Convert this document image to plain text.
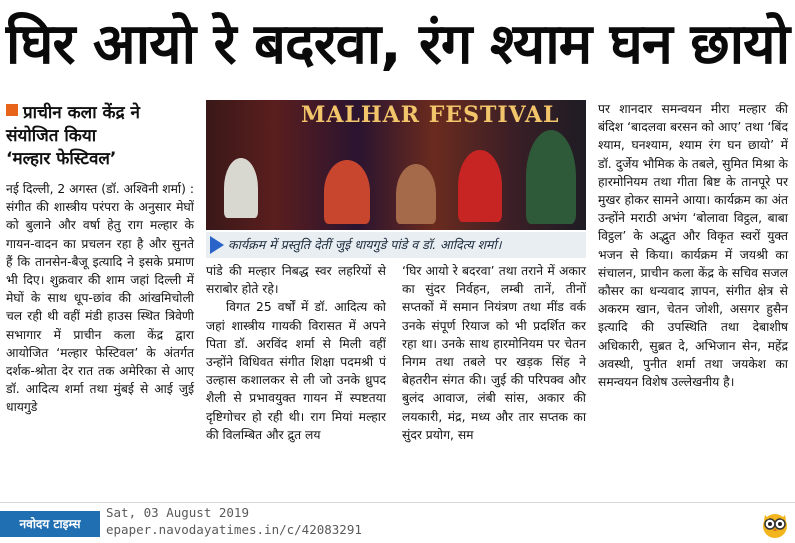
घिर आयो रे बदरवा, रंग श्याम घन छायो
प्राचीन कला केंद्र ने
संयोजित किया
‘मल्हार फेस्टिवल’

नई दिल्ली, 2 अगस्त (डॉ. अश्विनी शर्मा) : संगीत की शास्त्रीय परंपरा के अनुसार मेघों को बुलाने और वर्षा हेतु राग मल्हार के गायन-वादन का प्रचलन रहा है और सुनते हैं कि तानसेन-बैजू इत्यादि ने इसके प्रमाण भी दिए। शुक्रवार की शाम जहां दिल्ली में मेघों के साथ धूप-छांव की आंखमिचोली चल रही थी वहीं मंडी हाउस स्थित त्रिवेणी सभागार में प्राचीन कला केंद्र द्वारा आयोजित ‘मल्हार फेस्टिवल’ के अंतर्गत दर्शक-श्रोता देर रात तक अमेरिका से आए डॉ. आदित्य शर्मा तथा मुंबई से आई जुई धायगुडे

MALHAR FESTIVAL
कार्यक्रम में प्रस्तुति देतीं जुई धायगुडे पांडे व डॉ. आदित्य शर्मा।

पांडे की मल्हार निबद्ध स्वर लहरियों से सराबोर होते रहे।

विगत 25 वर्षों में डॉ. आदित्य को जहां शास्त्रीय गायकी विरासत में अपने पिता डॉ. अरविंद शर्मा से मिली वहीं उन्होंने विधिवत संगीत शिक्षा पदमश्री पं उल्हास कशालकर से ली जो उनके ध्रुपद शैली से प्रभावयुक्त गायन में स्पष्टतया दृष्टिगोचर हो रही थी। राग मियां मल्हार की विलम्बित और द्रुत लय

‘घिर आयो रे बदरवा’ तथा तराने में अकार का सुंदर निर्वहन, लम्बी तानें, तीनों सप्तकों में समान नियंत्रण तथा मींड वर्क उनके संपूर्ण रियाज को भी प्रदर्शित कर रहा था। उनके साथ हारमोनियम पर चेतन निगम तथा तबले पर खड़क सिंह ने बेहतरीन संगत की। जुई की परिपक्व और बुलंद आवाज, लंबी सांस, अकार की लयकारी, मंद्र, मध्य और तार सप्तक का सुंदर प्रयोग, सम

पर शानदार समन्वयन मीरा मल्हार की बंदिश ‘बादलवा बरसन को आए’ तथा ‘बिंद श्याम, घनश्याम, श्याम रंग घन छायो’ में डॉ. दुर्जेय भौमिक के तबले, सुमित मिश्रा के हारमोनियम तथा गीता बिष्ट के तानपूरे पर मुखर होकर सामने आया। कार्यक्रम का अंत उन्होंने मराठी अभंग ‘बोलावा विट्ठल, बाबा विट्ठल’ के अद्भुत और विकृत स्वरों युक्त भजन से किया। कार्यक्रम में जयश्री का संचालन, प्राचीन कला केंद्र के सचिव सजल कौसर का धन्यवाद ज्ञापन, संगीत क्षेत्र से अकरम खान, चेतन जोशी, असगर हुसैन इत्यादि की उपस्थिति तथा देबाशीष अधिकारी, सुब्रत दे, अभिजान सेन, महेंद्र अवस्थी, पुनीत शर्मा तथा जयकेश का समन्वयन विशेष उल्लेखनीय है।

नवोदय टाइम्स
Sat, 03 August 2019
epaper.navodayatimes.in/c/42083291
